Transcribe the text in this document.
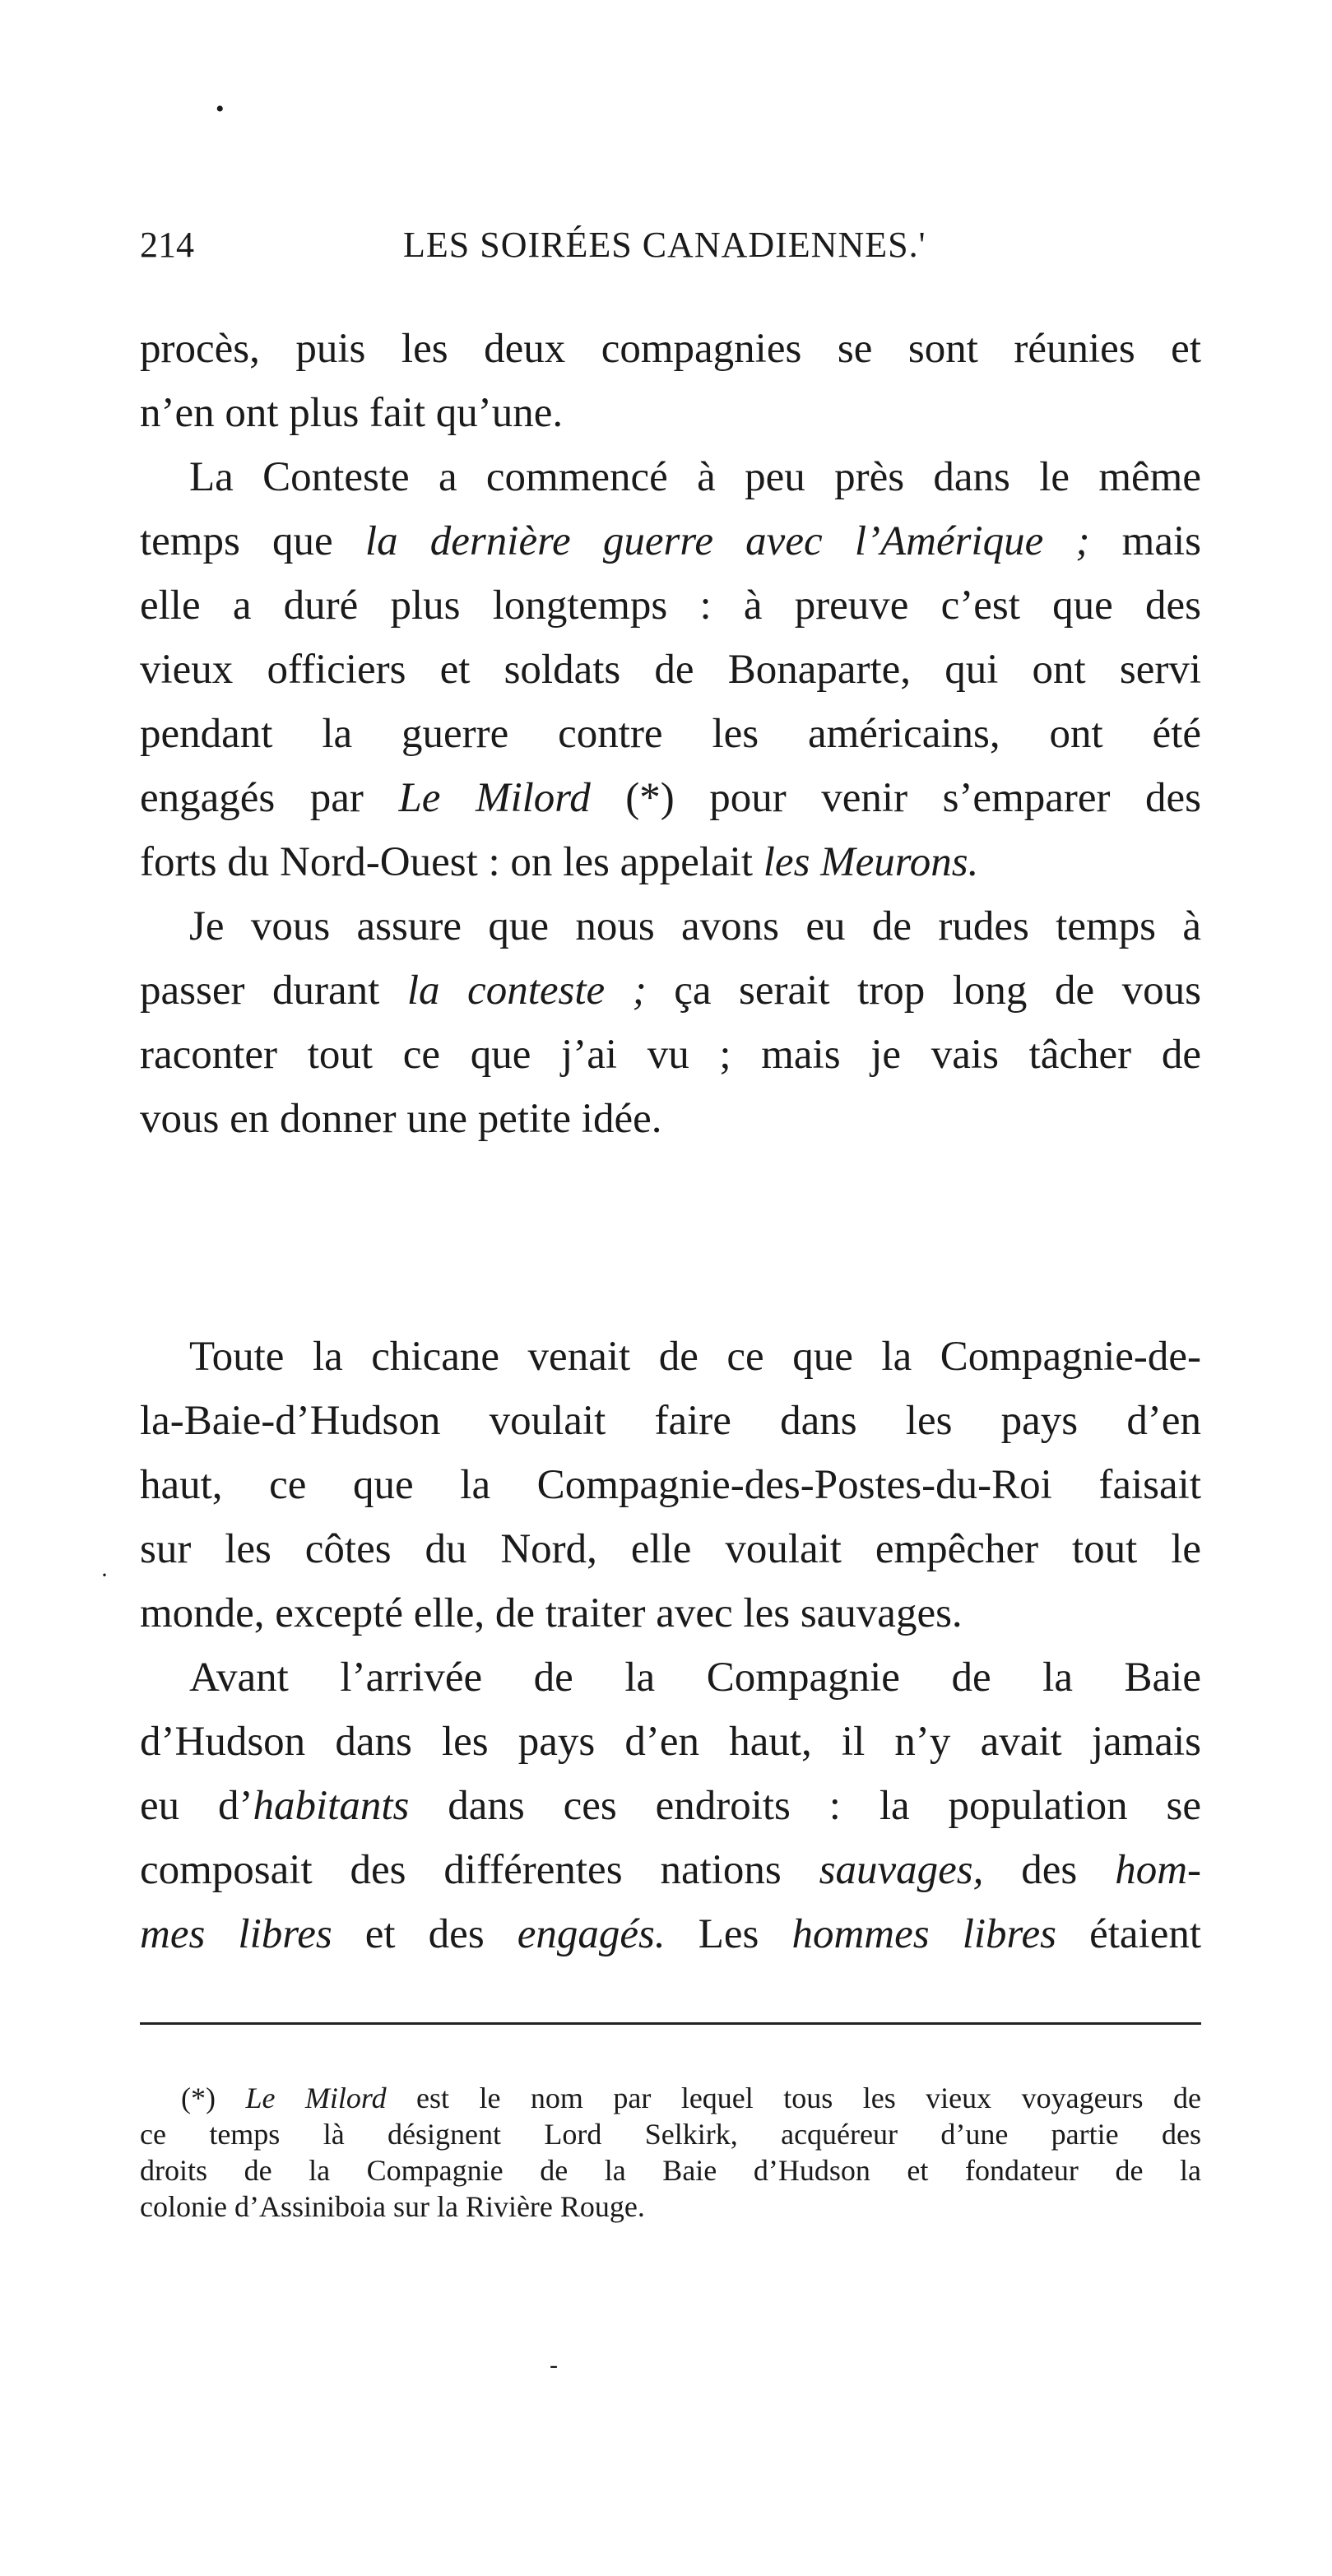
•
214	LES SOIRÉES CANADIENNES.'
procès, puis les deux compagnies se sont réunies et
n’en ont plus fait qu’une.
La Conteste a commencé à peu près dans le même
temps que la dernière guerre avec l’Amérique ; mais
elle a duré plus longtemps : à preuve c’est que des
vieux officiers et soldats de Bonaparte, qui ont servi
pendant la guerre contre les américains, ont été
engagés par Le Milord (*) pour venir s’emparer des
forts du Nord-Ouest : on les appelait les Meurons.
Je vous assure que nous avons eu de rudes temps à
passer durant la conteste ; ça serait trop long de vous
raconter tout ce que j’ai vu ; mais je vais tâcher de
vous en donner une petite idée.
Toute la chicane venait de ce que la Compagnie-de-
la-Baie-d’Hudson voulait faire dans les pays d’en
haut, ce que la Compagnie-des-Postes-du-Roi faisait
sur les côtes du Nord, elle voulait empêcher tout le
monde, excepté elle, de traiter avec les sauvages.
Avant l’arrivée de la Compagnie de la Baie
d’Hudson dans les pays d’en haut, il n’y avait jamais
eu d’habitants dans ces endroits : la population se
composait des différentes nations sauvages, des hom-
mes libres et des engagés. Les hommes libres étaient
·
(*) Le Milord est le nom par lequel tous les vieux voyageurs de
ce temps là désignent Lord Selkirk, acquéreur d’une partie des
droits de la Compagnie de la Baie d’Hudson et fondateur de la
colonie d’Assiniboia sur la Rivière Rouge.
-
